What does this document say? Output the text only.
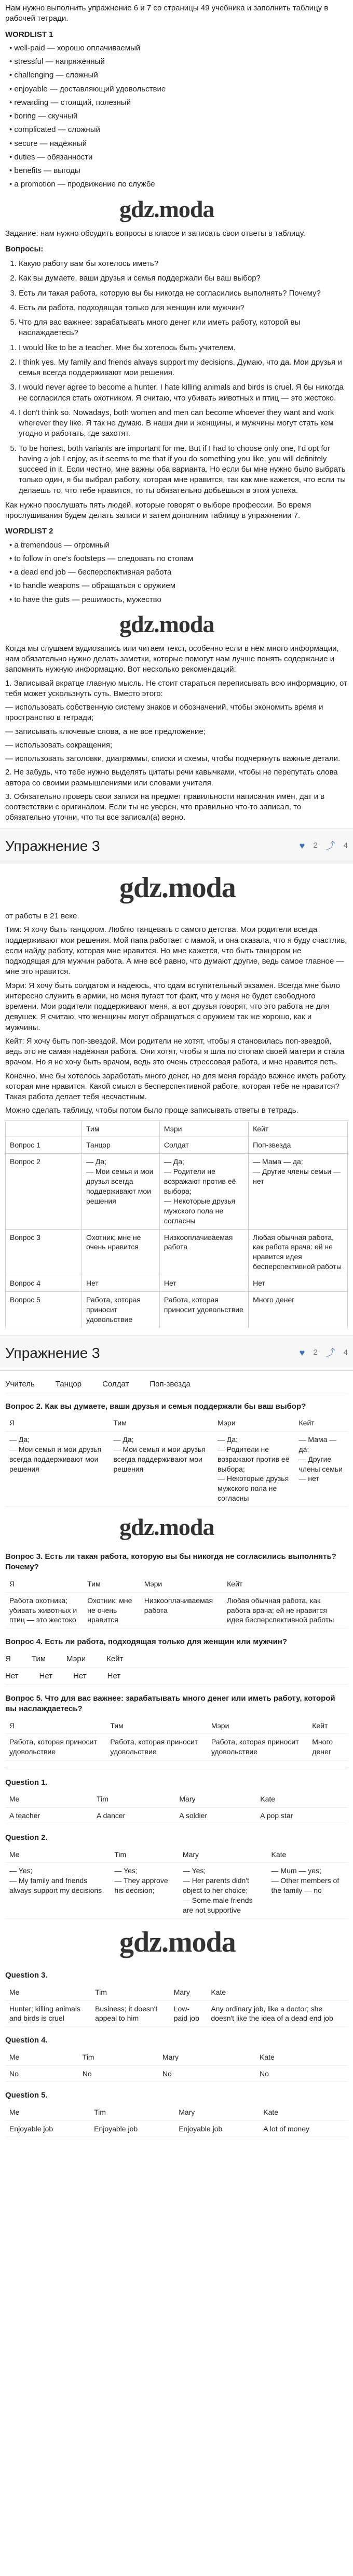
Нам нужно выполнить упражнение 6 и 7 со страницы 49 учебника и заполнить таблицу в рабочей тетради.

WORDLIST 1
• well-paid — хорошо оплачиваемый
• stressful — напряжённый
• challenging — сложный
• enjoyable — доставляющий удовольствие
• rewarding — стоящий, полезный
• boring — скучный
• complicated — сложный
• secure — надёжный
• duties — обязанности
• benefits — выгоды
• a promotion — продвижение по службе
gdz.moda

Задание: нам нужно обсудить вопросы в классе и записать свои ответы в таблицу.

Вопросы:

1. Какую работу вам бы хотелось иметь?
2. Как вы думаете, ваши друзья и семья поддержали бы ваш выбор?
3. Есть ли такая работа, которую вы бы никогда не согласились выполнять? Почему?
4. Есть ли работа, подходящая только для женщин или мужчин?
5. Что для вас важнее: зарабатывать много денег или иметь работу, которой вы наслаждаетесь?
1. I would like to be a teacher. Мне бы хотелось быть учителем.
2. I think yes. My family and friends always support my decisions. Думаю, что да. Мои друзья и семья всегда поддерживают мои решения.
3. I would never agree to become a hunter. I hate killing animals and birds is cruel. Я бы никогда не согласился стать охотником. Я считаю, что убивать животных и птиц — это жестоко.
4. I don't think so. Nowadays, both women and men can become whoever they want and work wherever they like. Я так не думаю. В наши дни и женщины, и мужчины могут стать кем угодно и работать, где захотят.
5. To be honest, both variants are important for me. But if I had to choose only one, I'd opt for having a job I enjoy, as it seems to me that if you do something you like, you will definitely succeed in it. Если честно, мне важны оба варианта. Но если бы мне нужно было выбрать только один, я бы выбрал работу, которая мне нравится, так как мне кажется, что если ты делаешь то, что тебе нравится, то ты обязательно добьёшься в этом успеха.

Как нужно прослушать пять людей, которые говорят о выборе профессии. Во время прослушивания будем делать записи и затем дополним таблицу в упражнении 7.

WORDLIST 2
• a tremendous — огромный
• to follow in one's footsteps — следовать по стопам
• a dead end job — бесперспективная работа
• to handle weapons — обращаться с оружием
• to have the guts — решимость, мужество
gdz.moda

Когда мы слушаем аудиозапись или читаем текст, особенно если в нём много информации, нам обязательно нужно делать заметки, которые помогут нам лучше понять содержание и запомнить нужную информацию. Вот несколько рекомендаций:

1. Записывай вкратце главную мысль. Не стоит стараться переписывать всю информацию, от тебя может ускользнуть суть. Вместо этого:

— использовать собственную систему знаков и обозначений, чтобы экономить время и пространство в тетради;

— записывать ключевые слова, а не все предложение;

— использовать сокращения;

— использовать заголовки, диаграммы, списки и схемы, чтобы подчеркнуть важные детали.

2. Не забудь, что тебе нужно выделять цитаты речи кавычками, чтобы не перепутать слова автора со своими размышлениями или словами учителя.

3. Обязательно проверь свои записи на предмет правильности написания имён, дат и в соответствии с оригиналом. Если ты не уверен, что правильно что-то записал, то обязательно уточни, что ты все записал(а) верно.

Упражнение 3	♥ 2 ⤴ 4
gdz.moda

от работы в 21 веке.

Тим: Я хочу быть танцором. Люблю танцевать с самого детства. Мои родители всегда поддерживают мои решения. Мой папа работает с мамой, и она сказала, что я буду счастлив, если найду работу, которая мне нравится. Но мне кажется, что быть танцором не подходящая для мужчин работа. А мне всё равно, что думают другие, ведь самое главное — мне это нравится.

Мэри: Я хочу быть солдатом и надеюсь, что сдам вступительный экзамен. Всегда мне было интересно служить в армии, но меня пугает тот факт, что у меня не будет свободного времени. Мои родители поддерживают меня, а вот друзья говорят, что это работа не для девушек. Я считаю, что женщины могут обращаться с оружием так же хорошо, как и мужчины.

Кейт: Я хочу быть поп-звездой. Мои родители не хотят, чтобы я становилась поп-звездой, ведь это не самая надёжная работа. Они хотят, чтобы я шла по стопам своей матери и стала врачом. Но я не хочу быть врачом, ведь это очень стрессовая работа, и мне нравится петь.

Конечно, мне бы хотелось заработать много денег, но для меня гораздо важнее иметь работу, которая мне нравится. Какой смысл в бесперспективной работе, которая тебе не нравится? Такая работа делает тебя несчастным.

Можно сделать таблицу, чтобы потом было проще записывать ответы в тетрадь.

	Тим	Мэри	Кейт
Вопрос 1	Танцор	Солдат	Поп-звезда
Вопрос 2	— Да;
— Мои семья и мои друзья всегда поддерживают мои решения	— Да;
— Родители не возражают против её выбора;
— Некоторые друзья мужского пола не согласны	— Мама — да;
— Другие члены семьи — нет
Вопрос 3	Охотник; мне не очень нравится	Низкооплачиваемая работа	Любая обычная работа, как работа врача: ей не нравится идея бесперспективной работы
Вопрос 4	Нет	Нет	Нет
Вопрос 5	Работа, которая приносит удовольствие	Работа, которая приносит удовольствие	Много денег
Упражнение 3	♥ 2 ⤴ 4
Учитель	Танцор	Солдат	Поп-звезда

Вопрос 2. Как вы думаете, ваши друзья и семья поддержали бы ваш выбор?

Я	Тим	Мэри	Кейт
— Да;
— Мои семья и мои друзья всегда поддерживают мои решения	— Да;
— Мои семья и мои друзья всегда поддерживают мои решения	— Да;
— Родители не возражают против её выбора;
— Некоторые друзья мужского пола не согласны	— Мама — да;
— Другие члены семьи — нет
gdz.moda

Вопрос 3. Есть ли такая работа, которую вы бы никогда не согласились выполнять? Почему?

Я	Тим	Мэри	Кейт
Работа охотника; убивать животных и птиц — это жестоко	Охотник; мне не очень нравится	Низкооплачиваемая работа	Любая обычная работа, как работа врача; ей не нравится идея бесперспективной работы

Вопрос 4. Есть ли работа, подходящая только для женщин или мужчин?

Я	Тим	Мэри	Кейт
Нет	Нет	Нет	Нет

Вопрос 5. Что для вас важнее: зарабатывать много денег или иметь работу, которой вы наслаждаетесь?

Я	Тим	Мэри	Кейт
Работа, которая приносит удовольствие	Работа, которая приносит удовольствие	Работа, которая приносит удовольствие	Много денег

Question 1.

Me	Tim	Mary	Kate
A teacher	A dancer	A soldier	A pop star

Question 2.

Me	Tim	Mary	Kate
— Yes;
— My family and friends always support my decisions	— Yes;
— They approve his decision;	— Yes;
— Her parents didn't object to her choice;
— Some male friends are not supportive	— Mum — yes;
— Other members of the family — no
gdz.moda

Question 3.

Me	Tim	Mary	Kate
Hunter; killing animals and birds is cruel	Business; it doesn't appeal to him	Low-paid job	Any ordinary job, like a doctor; she doesn't like the idea of a dead end job

Question 4.

Me	Tim	Mary	Kate
No	No	No	No

Question 5.

Me	Tim	Mary	Kate
Enjoyable job	Enjoyable job	Enjoyable job	A lot of money
